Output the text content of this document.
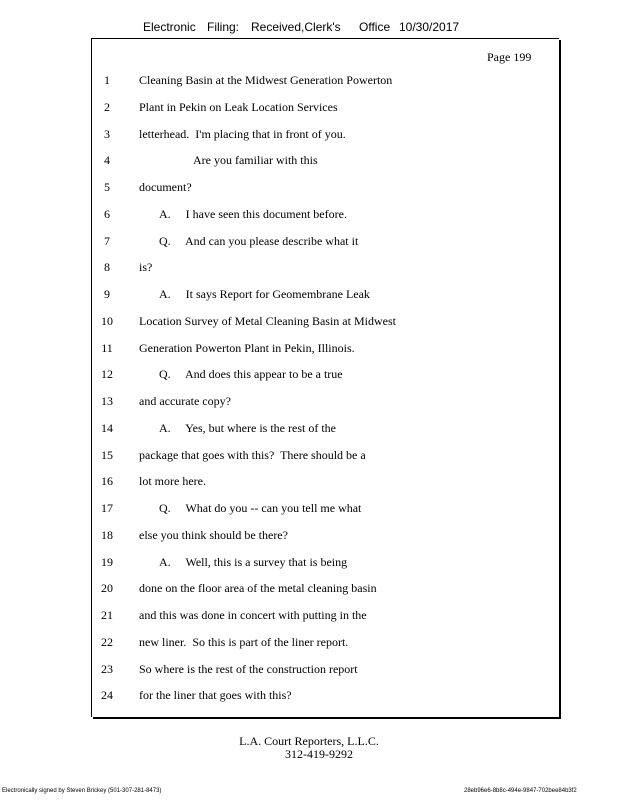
Electronic Filing: Received,Clerk's Office 10/30/2017
Page 199
1	Cleaning Basin at the Midwest Generation Powerton
2	Plant in Pekin on Leak Location Services
3	letterhead.  I'm placing that in front of you.
4	Are you familiar with this
5	document?
6	A.     I have seen this document before.
7	Q.     And can you please describe what it
8	is?
9	A.     It says Report for Geomembrane Leak
10	Location Survey of Metal Cleaning Basin at Midwest
11	Generation Powerton Plant in Pekin, Illinois.
12	Q.     And does this appear to be a true
13	and accurate copy?
14	A.     Yes, but where is the rest of the
15	package that goes with this?  There should be a
16	lot more here.
17	Q.     What do you -- can you tell me what
18	else you think should be there?
19	A.     Well, this is a survey that is being
20	done on the floor area of the metal cleaning basin
21	and this was done in concert with putting in the
22	new liner.  So this is part of the liner report.
23	So where is the rest of the construction report
24	for the liner that goes with this?
L.A. Court Reporters, L.L.C.
312-419-9292
Electronically signed by Steven Brickey (501-307-281-8473)	28eb96e6-8b8c-494e-9847-702bee84b3f2
